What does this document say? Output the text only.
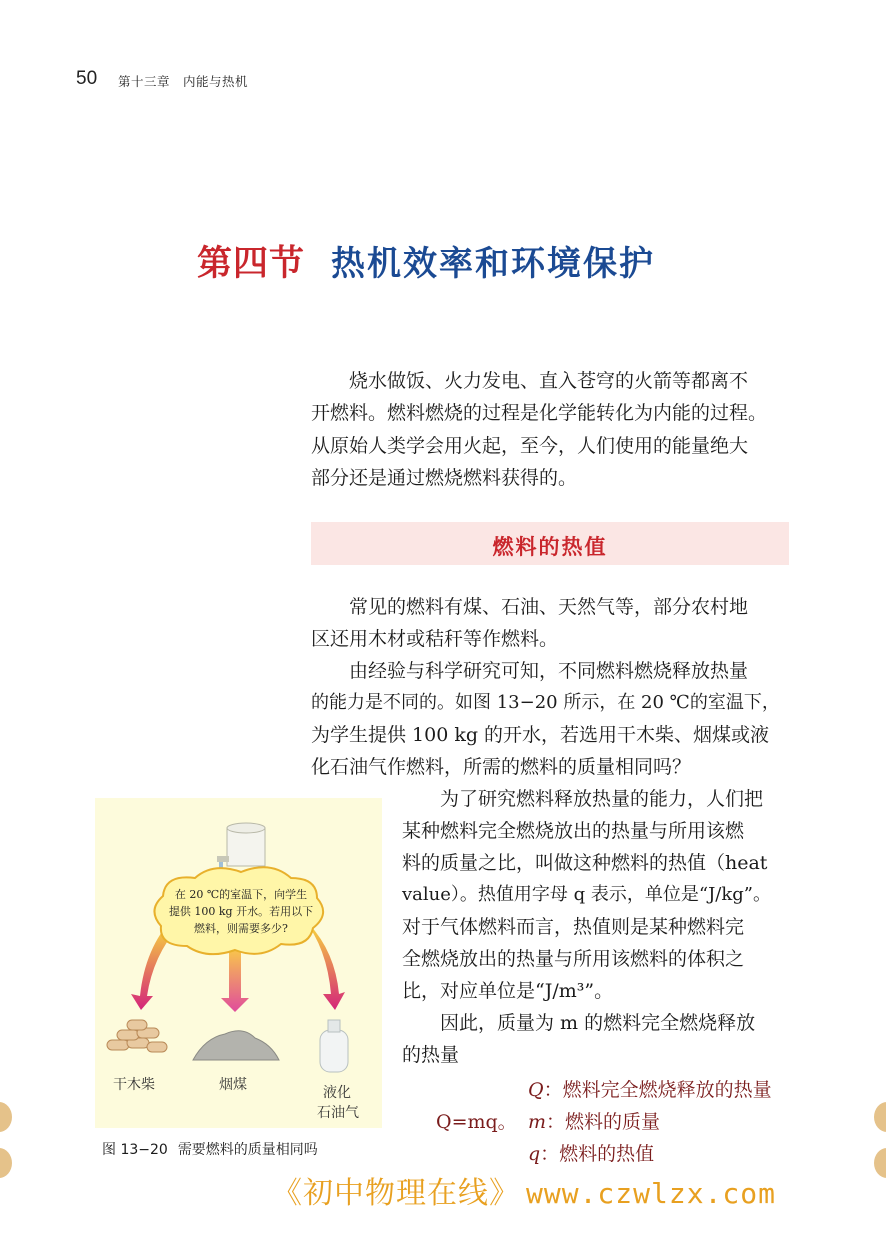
50 第十三章　内能与热机
第四节 热机效率和环境保护
　　烧水做饭、火力发电、直入苍穹的火箭等都离不
开燃料。燃料燃烧的过程是化学能转化为内能的过程。
从原始人类学会用火起，至今，人们使用的能量绝大
部分还是通过燃烧燃料获得的。
燃料的热值
　　常见的燃料有煤、石油、天然气等，部分农村地
区还用木材或秸秆等作燃料。
　　由经验与科学研究可知，不同燃料燃烧释放热量
的能力是不同的。如图 13−20 所示，在 20 ℃的室温下，
为学生提供 100 kg 的开水，若选用干木柴、烟煤或液
化石油气作燃料，所需的燃料的质量相同吗？
　　为了研究燃料释放热量的能力，人们把
某种燃料完全燃烧放出的热量与所用该燃
料的质量之比，叫做这种燃料的热值（heat
value）。热值用字母 q 表示，单位是“J/kg”。
对于气体燃料而言，热值则是某种燃料完
全燃烧放出的热量与所用该燃料的体积之
比，对应单位是“J/m³”。
　　因此，质量为 m 的燃料完全燃烧释放
的热量
Q=mq。
Q：燃料完全燃烧释放的热量
m：燃料的质量
q：燃料的热值
在 20 ℃的室温下，向学生
提供 100 kg 开水。若用以下
燃料，则需要多少?
干木柴	烟煤	液化
石油气
图 13−20 需要燃料的质量相同吗
《初中物理在线》 www.czwlzx.com
